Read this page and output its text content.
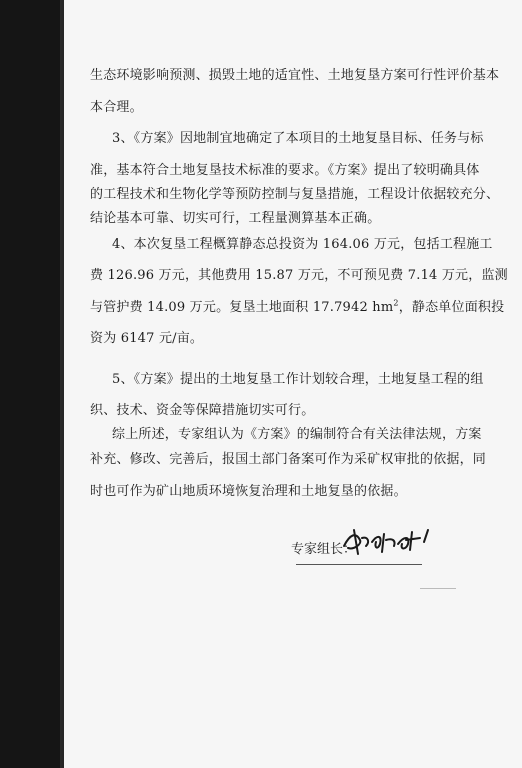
生态环境影响预测、损毁土地的适宜性、土地复垦方案可行性评价基本
本合理。
3、《方案》因地制宜地确定了本项目的土地复垦目标、任务与标
准，基本符合土地复垦技术标准的要求。《方案》提出了较明确具体
的工程技术和生物化学等预防控制与复垦措施，工程设计依据较充分、
结论基本可靠、切实可行，工程量测算基本正确。
4、本次复垦工程概算静态总投资为 164.06 万元，包括工程施工
费 126.96 万元，其他费用 15.87 万元，不可预见费 7.14 万元，监测
与管护费 14.09 万元。复垦土地面积 17.7942 $hm^2$，静态单位面积投
资为 6147 元/亩。
5、《方案》提出的土地复垦工作计划较合理，土地复垦工程的组
织、技术、资金等保障措施切实可行。
综上所述，专家组认为《方案》的编制符合有关法律法规，方案
补充、修改、完善后，报国土部门备案可作为采矿权审批的依据，同
时也可作为矿山地质环境恢复治理和土地复垦的依据。
专家组长：
